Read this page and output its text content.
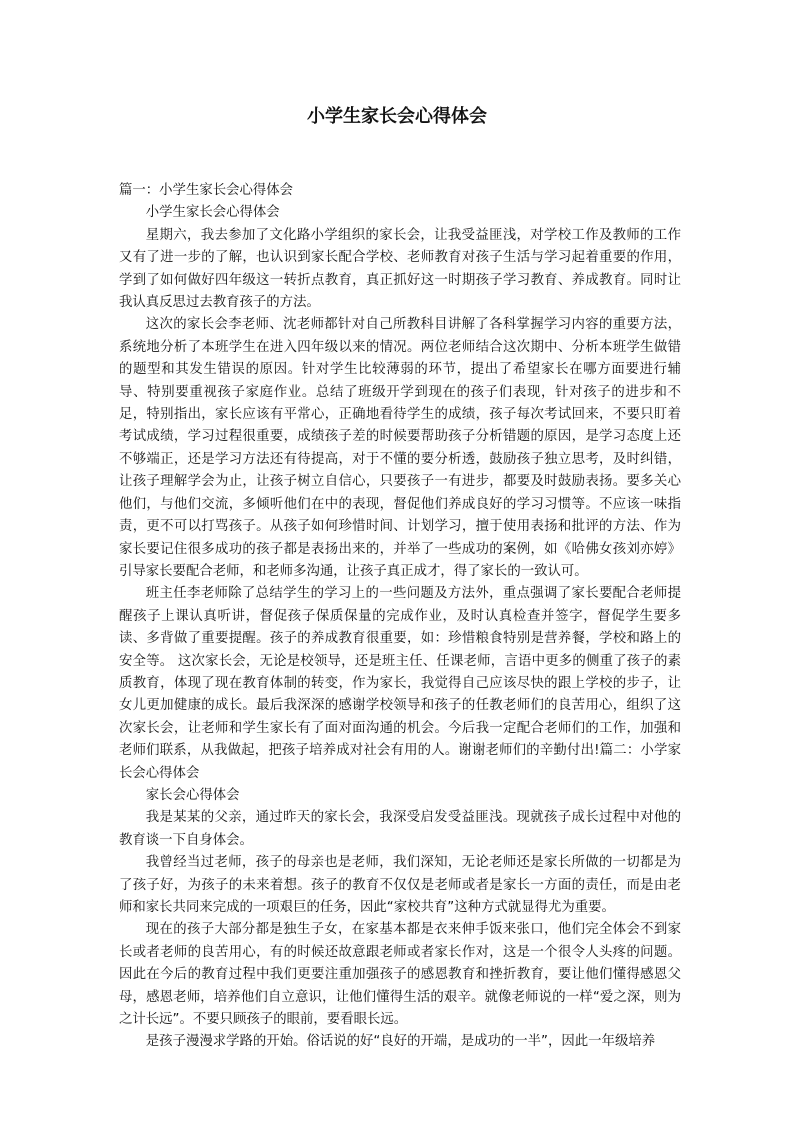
小学生家长会心得体会

篇一：小学生家长会心得体会

小学生家长会心得体会

星期六，我去参加了文化路小学组织的家长会，让我受益匪浅，对学校工作及教师的工作又有了进一步的了解，也认识到家长配合学校、老师教育对孩子生活与学习起着重要的作用，学到了如何做好四年级这一转折点教育，真正抓好这一时期孩子学习教育、养成教育。同时让我认真反思过去教育孩子的方法。

这次的家长会李老师、沈老师都针对自己所教科目讲解了各科掌握学习内容的重要方法，系统地分析了本班学生在进入四年级以来的情况。两位老师结合这次期中、分析本班学生做错的题型和其发生错误的原因。针对学生比较薄弱的环节，提出了希望家长在哪方面要进行辅导、特别要重视孩子家庭作业。总结了班级开学到现在的孩子们表现，针对孩子的进步和不足，特别指出，家长应该有平常心，正确地看待学生的成绩，孩子每次考试回来，不要只盯着考试成绩，学习过程很重要，成绩孩子差的时候要帮助孩子分析错题的原因，是学习态度上还不够端正，还是学习方法还有待提高，对于不懂的要分析透，鼓励孩子独立思考，及时纠错，让孩子理解学会为止，让孩子树立自信心，只要孩子一有进步，都要及时鼓励表扬。要多关心他们，与他们交流，多倾听他们在中的表现，督促他们养成良好的学习习惯等。不应该一味指责，更不可以打骂孩子。从孩子如何珍惜时间、计划学习，擅于使用表扬和批评的方法、作为家长要记住很多成功的孩子都是表扬出来的，并举了一些成功的案例，如《哈佛女孩刘亦婷》引导家长要配合老师，和老师多沟通，让孩子真正成才，得了家长的一致认可。

班主任李老师除了总结学生的学习上的一些问题及方法外，重点强调了家长要配合老师提醒孩子上课认真听讲，督促孩子保质保量的完成作业，及时认真检查并签字，督促学生要多读、多背做了重要提醒。孩子的养成教育很重要，如：珍惜粮食特别是营养餐，学校和路上的安全等。 这次家长会，无论是校领导，还是班主任、任课老师，言语中更多的侧重了孩子的素质教育，体现了现在教育体制的转变，作为家长，我觉得自己应该尽快的跟上学校的步子，让女儿更加健康的成长。最后我深深的感谢学校领导和孩子的任教老师们的良苦用心，组织了这次家长会，让老师和学生家长有了面对面沟通的机会。今后我一定配合老师们的工作，加强和老师们联系，从我做起，把孩子培养成对社会有用的人。谢谢老师们的辛勤付出!篇二：小学家长会心得体会

家长会心得体会

我是某某的父亲，通过昨天的家长会，我深受启发受益匪浅。现就孩子成长过程中对他的教育谈一下自身体会。

我曾经当过老师，孩子的母亲也是老师，我们深知，无论老师还是家长所做的一切都是为了孩子好，为孩子的未来着想。孩子的教育不仅仅是老师或者是家长一方面的责任，而是由老师和家长共同来完成的一项艰巨的任务，因此“家校共育”这种方式就显得尤为重要。

现在的孩子大部分都是独生子女，在家基本都是衣来伸手饭来张口，他们完全体会不到家长或者老师的良苦用心，有的时候还故意跟老师或者家长作对，这是一个很令人头疼的问题。因此在今后的教育过程中我们更要注重加强孩子的感恩教育和挫折教育，要让他们懂得感恩父母，感恩老师，培养他们自立意识，让他们懂得生活的艰辛。就像老师说的一样“爱之深，则为之计长远”。不要只顾孩子的眼前，要看眼长远。

是孩子漫漫求学路的开始。俗话说的好“良好的开端，是成功的一半”，因此一年级培养
